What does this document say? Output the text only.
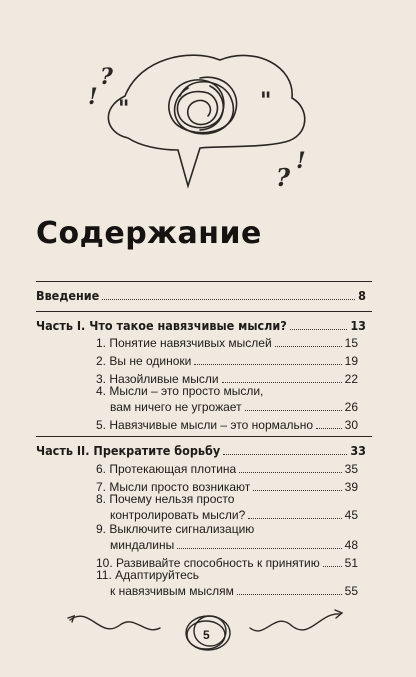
!
?
"	"
?
!
Содержание
Введение	8
Часть I. Что такое навязчивые мысли?	13
1. Понятие навязчивых мыслей	15
2. Вы не одиноки	19
3. Назойливые мысли	22
4. Мысли – это просто мысли,
вам ничего не угрожает	26
5. Навязчивые мысли – это нормально	30
Часть II. Прекратите борьбу	33
6. Протекающая плотина	35
7. Мысли просто возникают	39
8. Почему нельзя просто
контролировать мысли?	45
9. Выключите сигнализацию
миндалины	48
10. Развивайте способность к принятию 51
11. Адаптируйтесь
к навязчивым мыслям	55
5
